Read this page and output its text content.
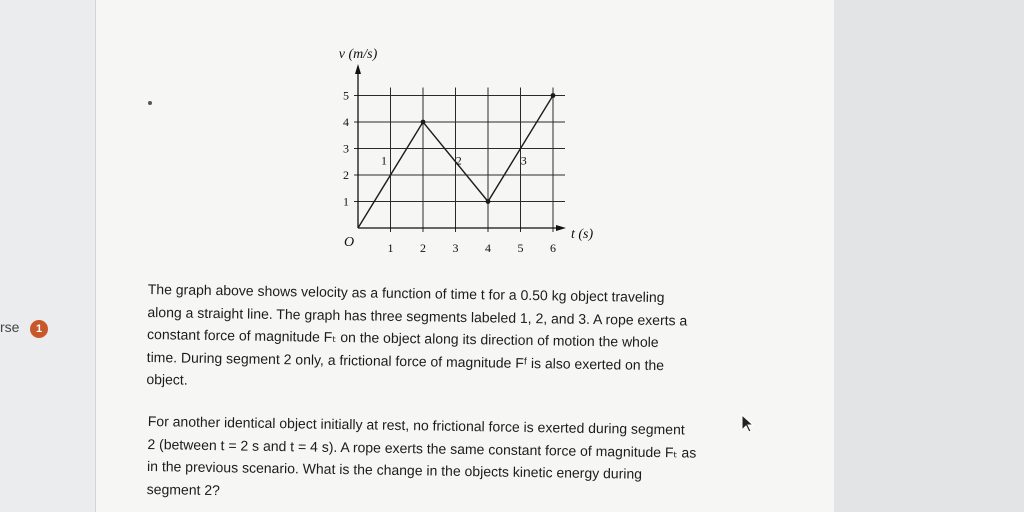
rse	1
v (m/s)
t (s)
O	1 2 3 4 5 6
1
2
3
4
5
1	2	3

The graph above shows velocity as a function of time t for a 0.50 kg object traveling

along a straight line. The graph has three segments labeled 1, 2, and 3. A rope exerts a

constant force of magnitude Fₜ on the object along its direction of motion the whole

time. During segment 2 only, a frictional force of magnitude Fᶠ is also exerted on the

object.

For another identical object initially at rest, no frictional force is exerted during segment

2 (between t = 2 s and t = 4 s). A rope exerts the same constant force of magnitude Fₜ as

in the previous scenario. What is the change in the objects kinetic energy during

segment 2?
